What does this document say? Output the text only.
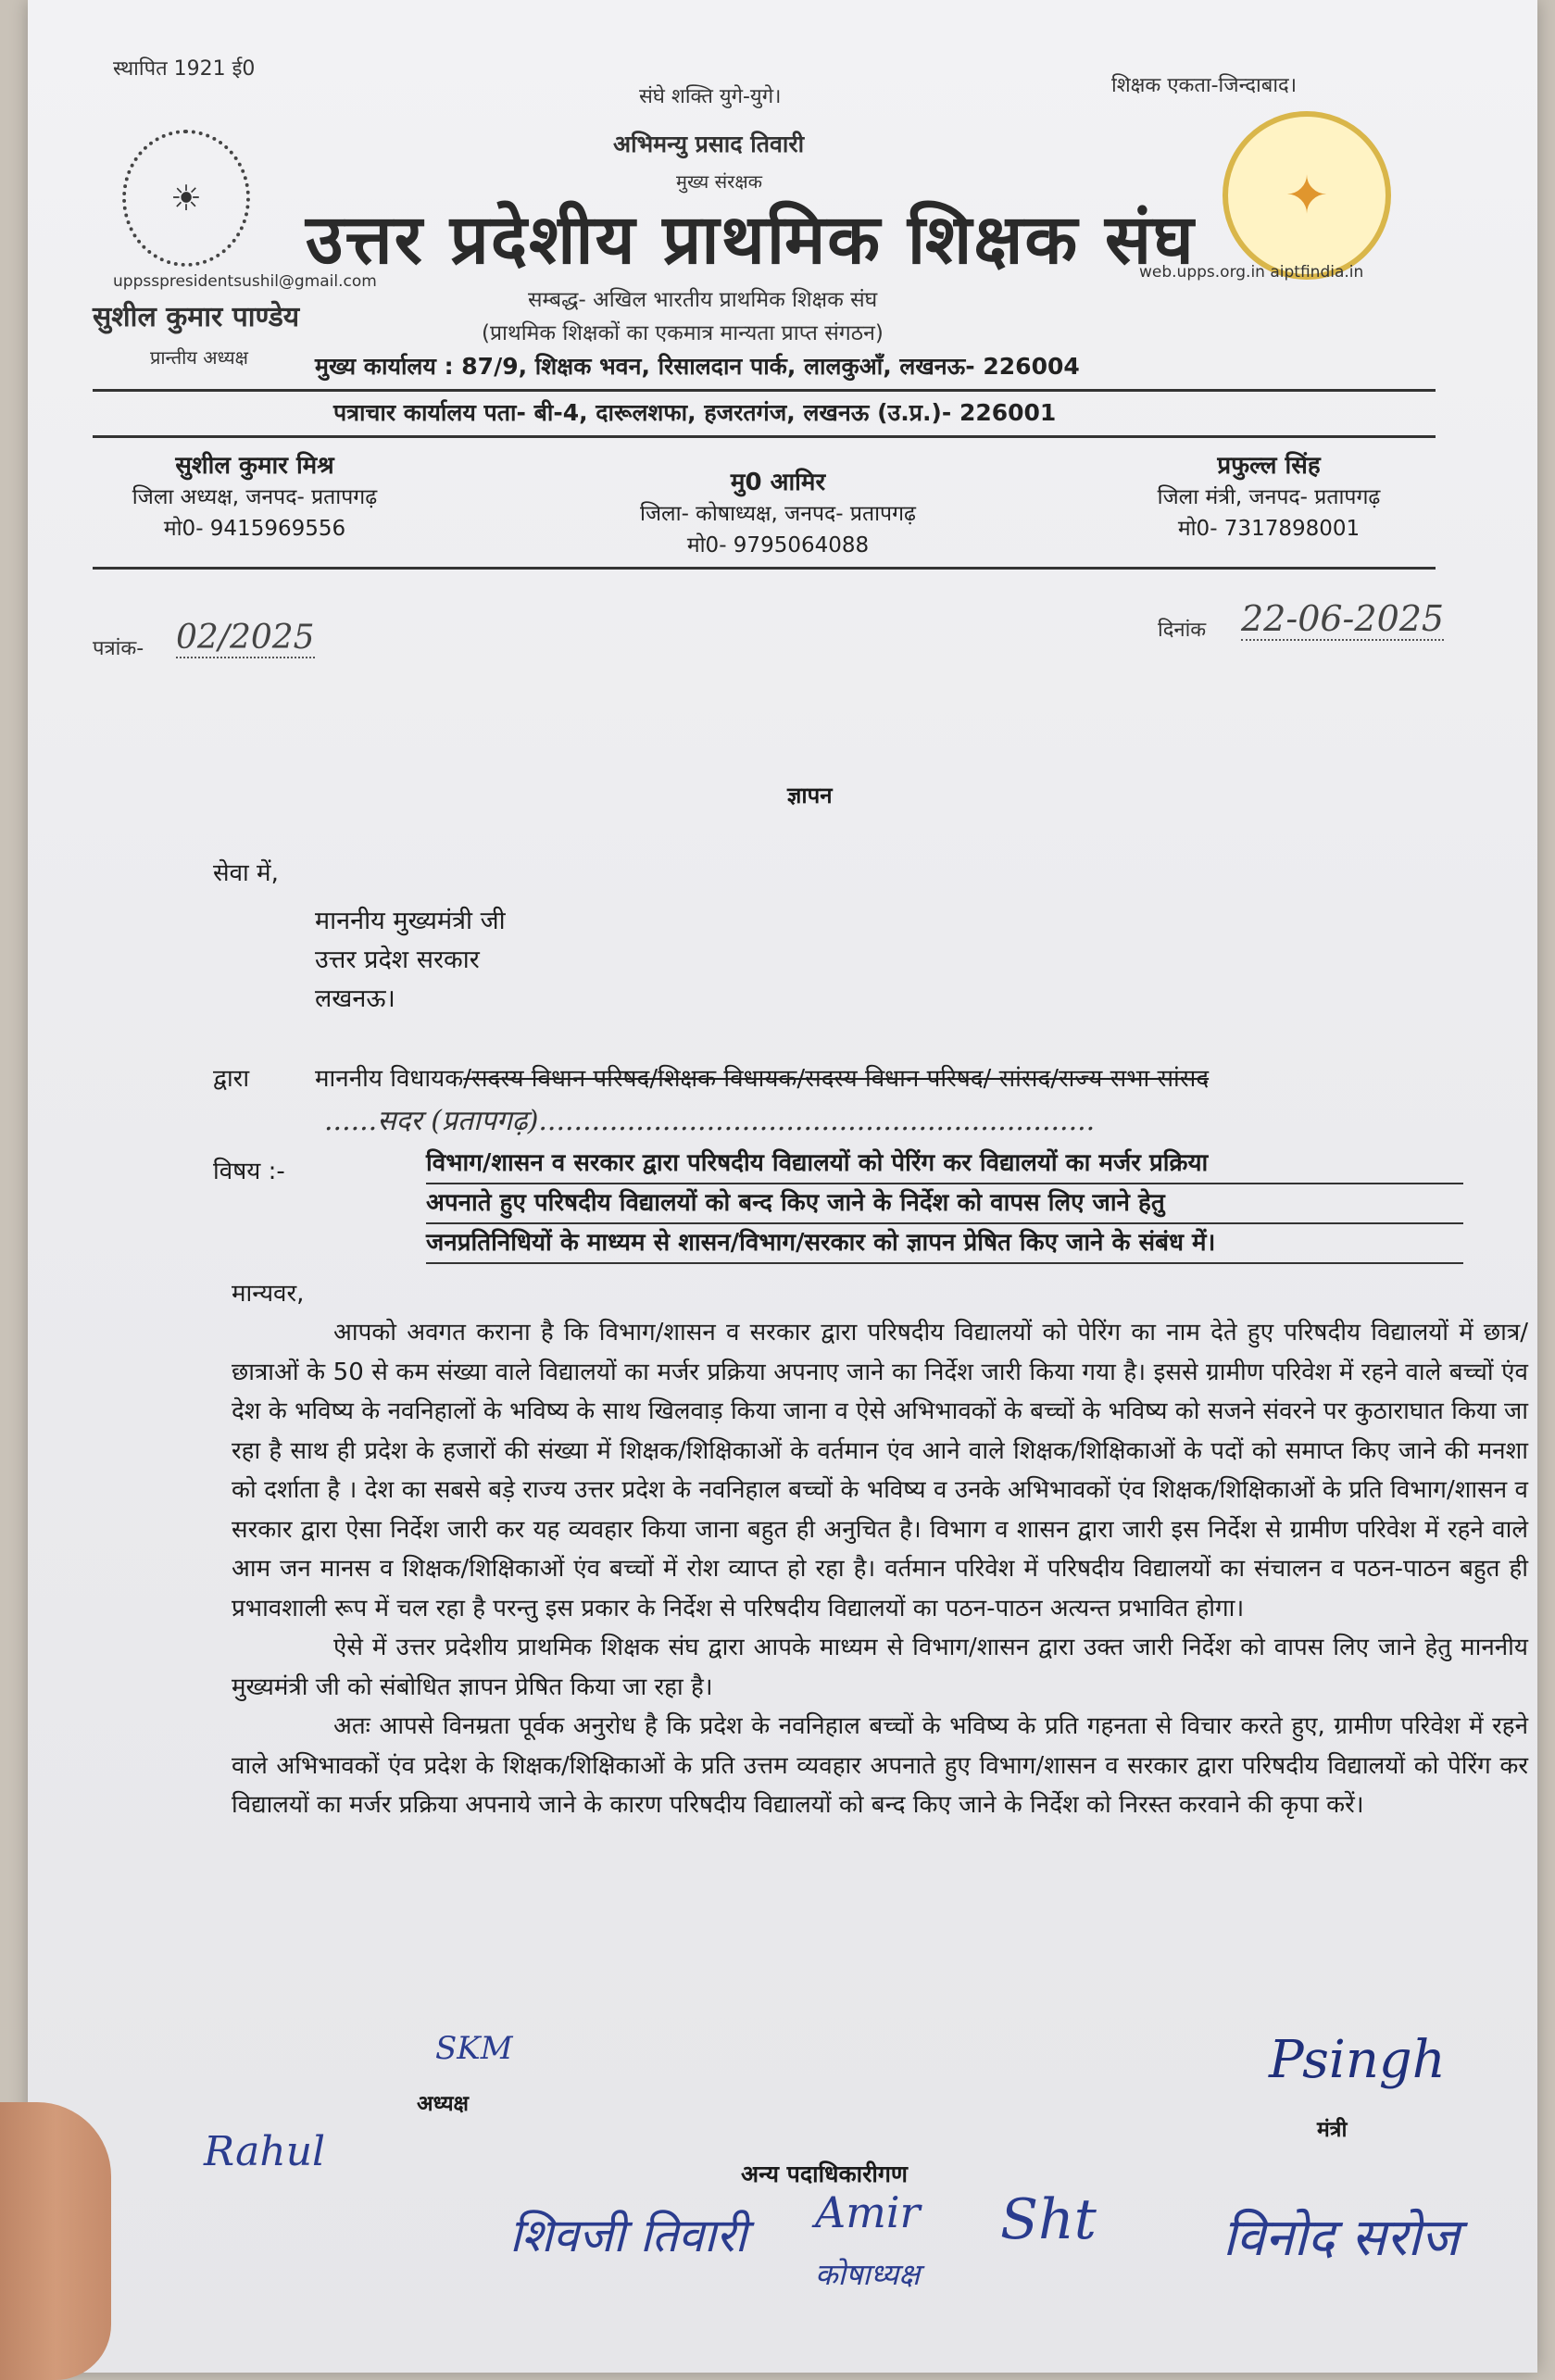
स्थापित 1921 ई0
संघे शक्ति युगे-युगे।	शिक्षक एकता-जिन्दाबाद।
अभिमन्यु प्रसाद तिवारी
मुख्य संरक्षक
☀	✦
उत्तर प्रदेशीय प्राथमिक शिक्षक संघ
uppsspresidentsushil@gmail.com	web.upps.org.in aiptfindia.in
सुशील कुमार पाण्डेय
प्रान्तीय अध्यक्ष
सम्बद्ध- अखिल भारतीय प्राथमिक शिक्षक संघ
(प्राथमिक शिक्षकों का एकमात्र मान्यता प्राप्त संगठन)
मुख्य कार्यालय : 87/9, शिक्षक भवन, रिसालदान पार्क, लालकुआँ, लखनऊ- 226004
पत्राचार कार्यालय पता- बी-4, दारूलशफा, हजरतगंज, लखनऊ (उ.प्र.)- 226001
सुशील कुमार मिश्र
जिला अध्यक्ष, जनपद- प्रतापगढ़
मो0- 9415969556
मु0 आमिर
जिला- कोषाध्यक्ष, जनपद- प्रतापगढ़
मो0- 9795064088
प्रफुल्ल सिंह
जिला मंत्री, जनपद- प्रतापगढ़
मो0- 7317898001
पत्रांक- 02/2025	दिनांक 22-06-2025
ज्ञापन
सेवा में,
माननीय मुख्यमंत्री जी
उत्तर प्रदेश सरकार
लखनऊ।
द्वारा	माननीय विधायक/सदस्य विधान परिषद/शिक्षक विधायक/सदस्य विधान परिषद/ सांसद/राज्य सभा सांसद
......सदर (प्रतापगढ़)...............................................................
विषय :-	विभाग/शासन व सरकार द्वारा परिषदीय विद्यालयों को पेरिंग कर विद्यालयों का मर्जर प्रक्रिया
अपनाते हुए परिषदीय विद्यालयों को बन्द किए जाने के निर्देश को वापस लिए जाने हेतु
जनप्रतिनिधियों के माध्यम से शासन/विभाग/सरकार को ज्ञापन प्रेषित किए जाने के संबंध में।
मान्यवर,

आपको अवगत कराना है कि विभाग/शासन व सरकार द्वारा परिषदीय विद्यालयों को पेरिंग का नाम देते हुए परिषदीय विद्यालयों में छात्र/छात्राओं के 50 से कम संख्या वाले विद्यालयों का मर्जर प्रक्रिया अपनाए जाने का निर्देश जारी किया गया है। इससे ग्रामीण परिवेश में रहने वाले बच्चों एंव देश के भविष्य के नवनिहालों के भविष्य के साथ खिलवाड़ किया जाना व ऐसे अभिभावकों के बच्चों के भविष्य को सजने संवरने पर कुठाराघात किया जा रहा है साथ ही प्रदेश के हजारों की संख्या में शिक्षक/शिक्षिकाओं के वर्तमान एंव आने वाले शिक्षक/शिक्षिकाओं के पदों को समाप्त किए जाने की मनशा को दर्शाता है । देश का सबसे बड़े राज्य उत्तर प्रदेश के नवनिहाल बच्चों के भविष्य व उनके अभिभावकों एंव शिक्षक/शिक्षिकाओं के प्रति विभाग/शासन व सरकार द्वारा ऐसा निर्देश जारी कर यह व्यवहार किया जाना बहुत ही अनुचित है। विभाग व शासन द्वारा जारी इस निर्देश से ग्रामीण परिवेश में रहने वाले आम जन मानस व शिक्षक/शिक्षिकाओं एंव बच्चों में रोश व्याप्त हो रहा है। वर्तमान परिवेश में परिषदीय विद्यालयों का संचालन व पठन-पाठन बहुत ही प्रभावशाली रूप में चल रहा है परन्तु इस प्रकार के निर्देश से परिषदीय विद्यालयों का पठन-पाठन अत्यन्त प्रभावित होगा।

ऐसे में उत्तर प्रदेशीय प्राथमिक शिक्षक संघ द्वारा आपके माध्यम से विभाग/शासन द्वारा उक्त जारी निर्देश को वापस लिए जाने हेतु माननीय मुख्यमंत्री जी को संबोधित ज्ञापन प्रेषित किया जा रहा है।

अतः आपसे विनम्रता पूर्वक अनुरोध है कि प्रदेश के नवनिहाल बच्चों के भविष्य के प्रति गहनता से विचार करते हुए, ग्रामीण परिवेश में रहने वाले अभिभावकों एंव प्रदेश के शिक्षक/शिक्षिकाओं के प्रति उत्तम व्यवहार अपनाते हुए विभाग/शासन व सरकार द्वारा परिषदीय विद्यालयों को पेरिंग कर विद्यालयों का मर्जर प्रक्रिया अपनाये जाने के कारण परिषदीय विद्यालयों को बन्द किए जाने के निर्देश को निरस्त करवाने की कृपा करें।

SKM
अध्यक्ष
Psingh
मंत्री
Rahul	अन्य पदाधिकारीगण
शिवजी तिवारी Amir Sht विनोद सरोज
कोषाध्यक्ष
